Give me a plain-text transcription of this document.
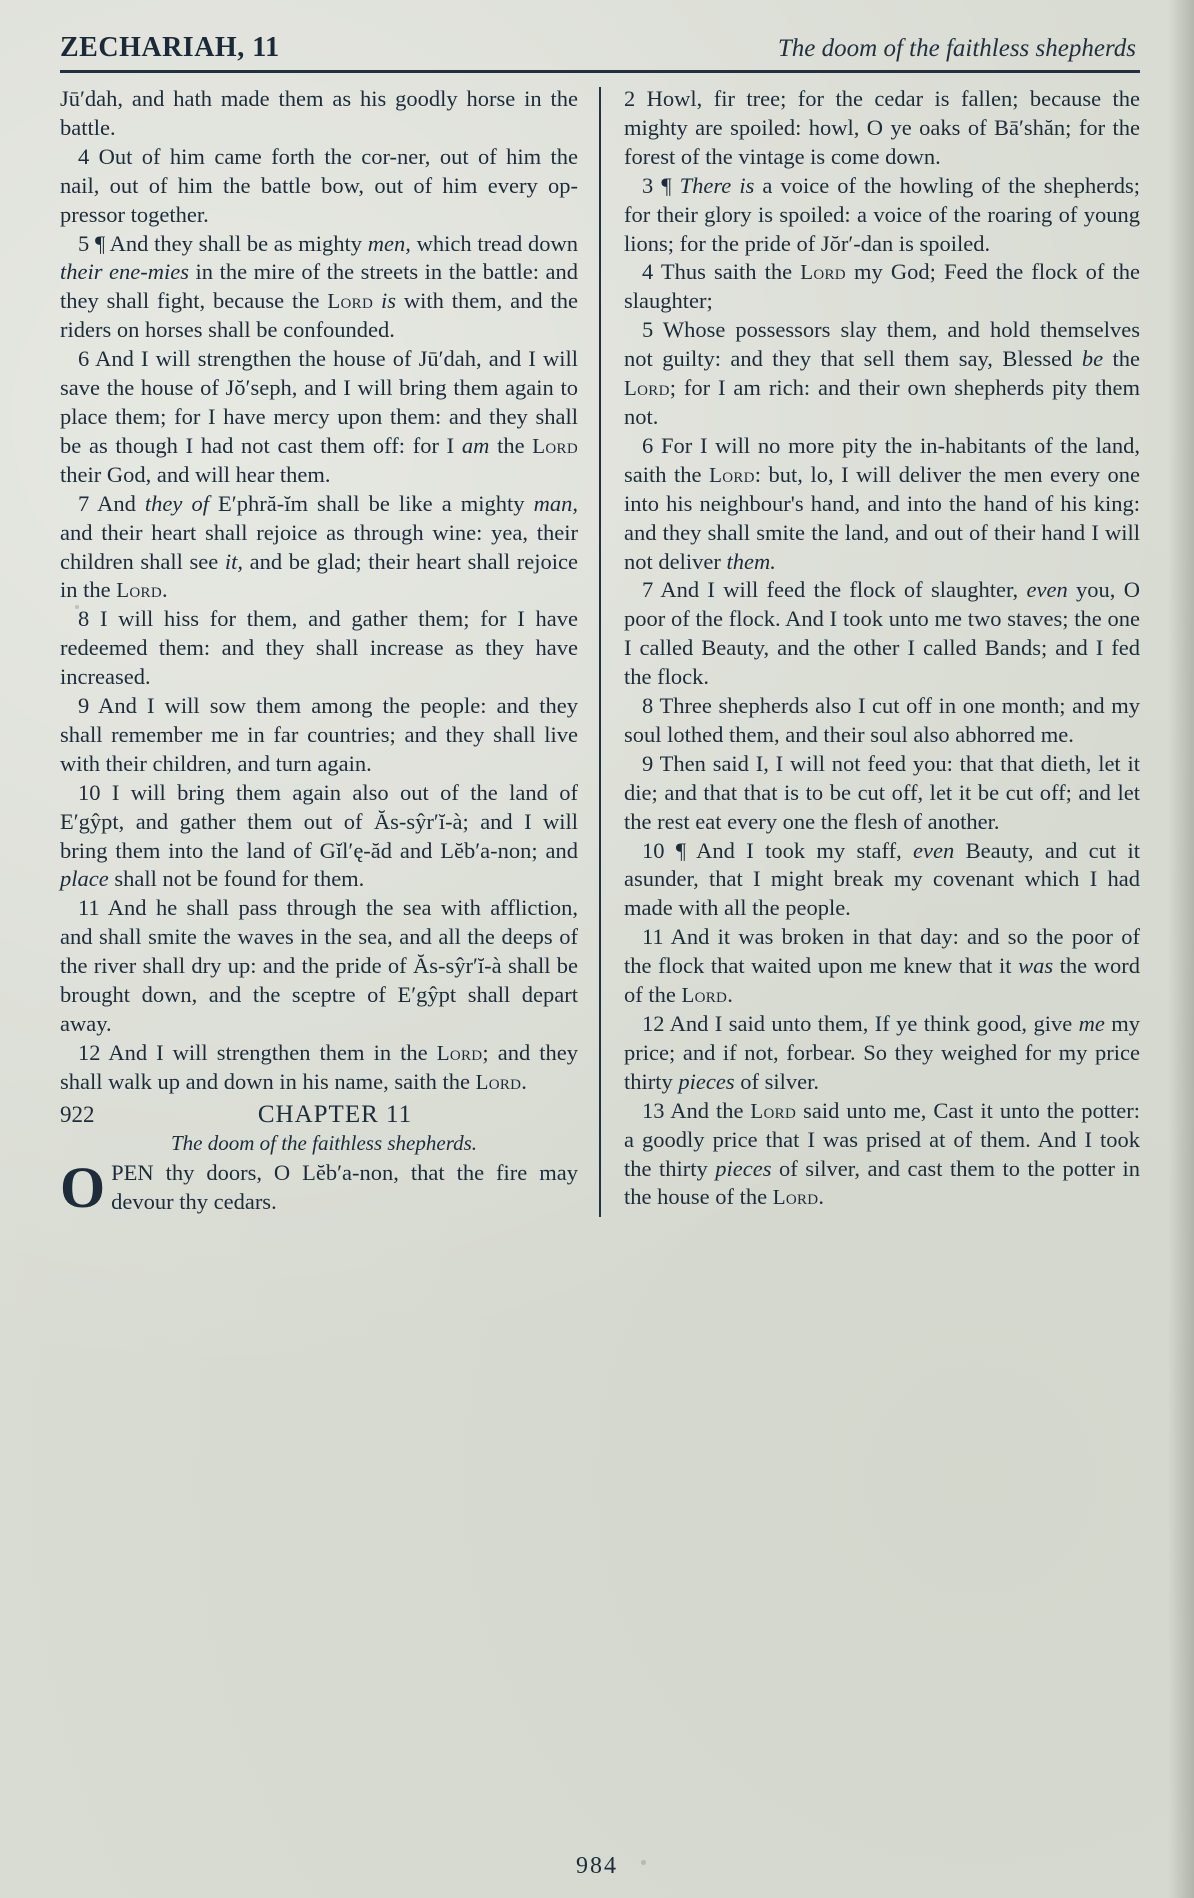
ZECHARIAH, 11	The doom of the faithless shepherds

Jū′dah, and hath made them as his goodly horse in the battle.

4 Out of him came forth the cor-ner, out of him the nail, out of him the battle bow, out of him every op-pressor together.

5 ¶ And they shall be as mighty men, which tread down their ene-mies in the mire of the streets in the battle: and they shall fight, because the Lord is with them, and the riders on horses shall be confounded.

6 And I will strengthen the house of Jū′dah, and I will save the house of Jŏ′seph, and I will bring them again to place them; for I have mercy upon them: and they shall be as though I had not cast them off: for I am the Lord their God, and will hear them.

7 And they of E′phră-ĭm shall be like a mighty man, and their heart shall rejoice as through wine: yea, their children shall see it, and be glad; their heart shall rejoice in the Lord.

8 I will hiss for them, and gather them; for I have redeemed them: and they shall increase as they have increased.

9 And I will sow them among the people: and they shall remember me in far countries; and they shall live with their children, and turn again.

10 I will bring them again also out of the land of E′gŷpt, and gather them out of Ăs-sŷr′ĭ-à; and I will bring them into the land of Gĭl′ę-ăd and Lĕb′a-non; and place shall not be found for them.

11 And he shall pass through the sea with affliction, and shall smite the waves in the sea, and all the deeps of the river shall dry up: and the pride of Ăs-sŷr′ĭ-à shall be brought down, and the sceptre of E′gŷpt shall depart away.

12 And I will strengthen them in the Lord; and they shall walk up and down in his name, saith the Lord.

922	CHAPTER 11
The doom of the faithless shepherds.

OPEN thy doors, O Lĕb′a-non, that the fire may devour thy cedars.

2 Howl, fir tree; for the cedar is fallen; because the mighty are spoiled: howl, O ye oaks of Bā′shăn; for the forest of the vintage is come down.

3 ¶ There is a voice of the howling of the shepherds; for their glory is spoiled: a voice of the roaring of young lions; for the pride of Jŏr′-dan is spoiled.

4 Thus saith the Lord my God; Feed the flock of the slaughter;

5 Whose possessors slay them, and hold themselves not guilty: and they that sell them say, Blessed be the Lord; for I am rich: and their own shepherds pity them not.

6 For I will no more pity the in-habitants of the land, saith the Lord: but, lo, I will deliver the men every one into his neighbour's hand, and into the hand of his king: and they shall smite the land, and out of their hand I will not deliver them.

7 And I will feed the flock of slaughter, even you, O poor of the flock. And I took unto me two staves; the one I called Beauty, and the other I called Bands; and I fed the flock.

8 Three shepherds also I cut off in one month; and my soul lothed them, and their soul also abhorred me.

9 Then said I, I will not feed you: that that dieth, let it die; and that that is to be cut off, let it be cut off; and let the rest eat every one the flesh of another.

10 ¶ And I took my staff, even Beauty, and cut it asunder, that I might break my covenant which I had made with all the people.

11 And it was broken in that day: and so the poor of the flock that waited upon me knew that it was the word of the Lord.

12 And I said unto them, If ye think good, give me my price; and if not, forbear. So they weighed for my price thirty pieces of silver.

13 And the Lord said unto me, Cast it unto the potter: a goodly price that I was prised at of them. And I took the thirty pieces of silver, and cast them to the potter in the house of the Lord.

984
